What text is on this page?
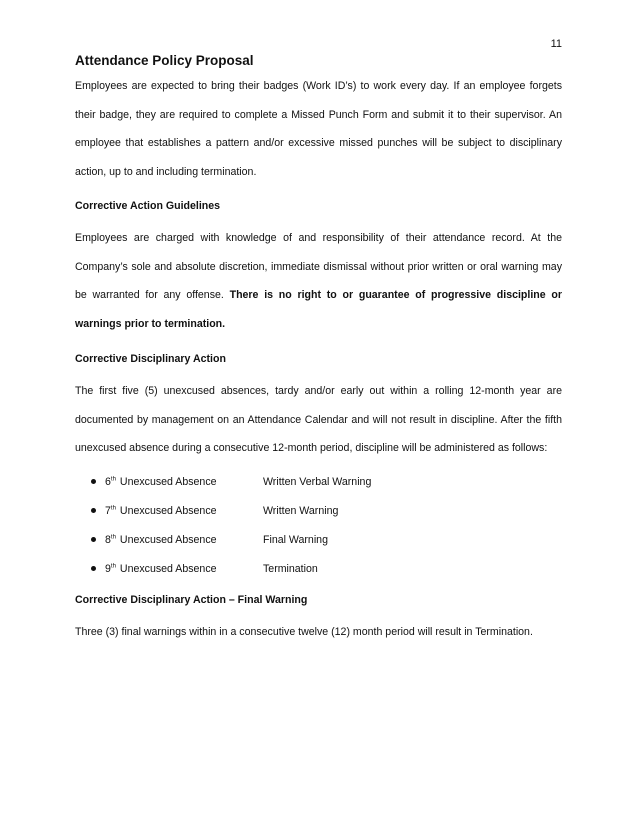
11
Attendance Policy Proposal

Employees are expected to bring their badges (Work ID’s) to work every day. If an employee forgets their badge, they are required to complete a Missed Punch Form and submit it to their supervisor. An employee that establishes a pattern and/or excessive missed punches will be subject to disciplinary action, up to and including termination.

Corrective Action Guidelines

Employees are charged with knowledge of and responsibility of their attendance record. At the Company’s sole and absolute discretion, immediate dismissal without prior written or oral warning may be warranted for any offense. There is no right to or guarantee of progressive discipline or warnings prior to termination.

Corrective Disciplinary Action

The first five (5) unexcused absences, tardy and/or early out within a rolling 12-month year are documented by management on an Attendance Calendar and will not result in discipline. After the fifth unexcused absence during a consecutive 12-month period, discipline will be administered as follows:

6th Unexcused Absence	Written Verbal Warning
7th Unexcused Absence	Written Warning
8th Unexcused Absence	Final Warning
9th Unexcused Absence	Termination
Corrective Disciplinary Action – Final Warning

Three (3) final warnings within in a consecutive twelve (12) month period will result in Termination.
